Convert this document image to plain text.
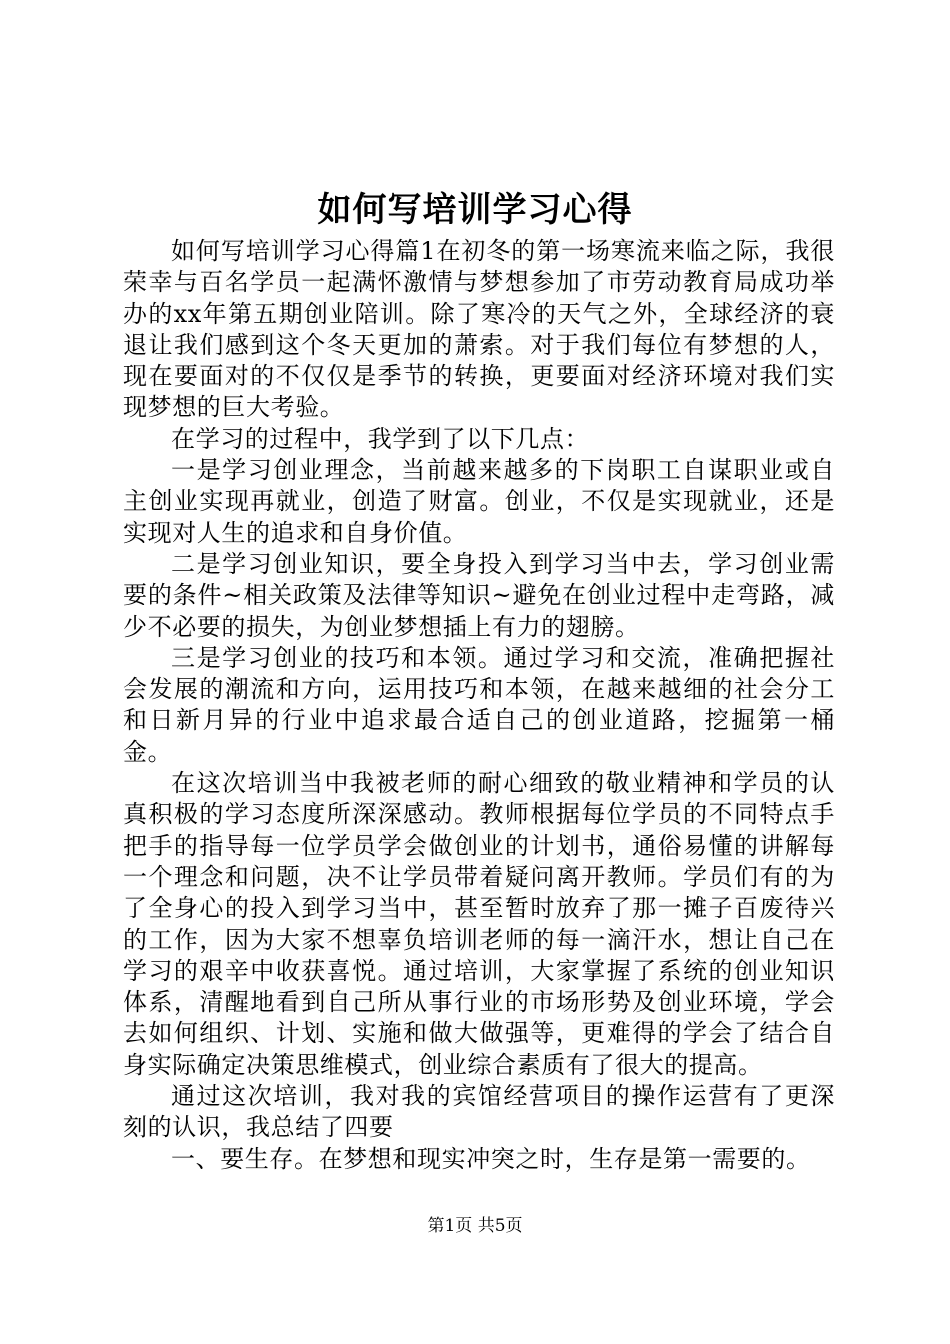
如何写培训学习心得

如何写培训学习心得篇1在初冬的第一场寒流来临之际，我很荣幸与百名学员一起满怀激情与梦想参加了市劳动教育局成功举办的xx年第五期创业陪训。除了寒冷的天气之外，全球经济的衰退让我们感到这个冬天更加的萧索。对于我们每位有梦想的人，现在要面对的不仅仅是季节的转换，更要面对经济环境对我们实现梦想的巨大考验。

在学习的过程中，我学到了以下几点：

一是学习创业理念，当前越来越多的下岗职工自谋职业或自主创业实现再就业，创造了财富。创业，不仅是实现就业，还是实现对人生的追求和自身价值。

二是学习创业知识，要全身投入到学习当中去，学习创业需要的条件~相关政策及法律等知识~避免在创业过程中走弯路，减少不必要的损失，为创业梦想插上有力的翅膀。

三是学习创业的技巧和本领。通过学习和交流，准确把握社会发展的潮流和方向，运用技巧和本领，在越来越细的社会分工和日新月异的行业中追求最合适自己的创业道路，挖掘第一桶金。

在这次培训当中我被老师的耐心细致的敬业精神和学员的认真积极的学习态度所深深感动。教师根据每位学员的不同特点手把手的指导每一位学员学会做创业的计划书，通俗易懂的讲解每一个理念和问题，决不让学员带着疑问离开教师。学员们有的为了全身心的投入到学习当中，甚至暂时放弃了那一摊子百废待兴的工作，因为大家不想辜负培训老师的每一滴汗水，想让自己在学习的艰辛中收获喜悦。通过培训，大家掌握了系统的创业知识体系，清醒地看到自己所从事行业的市场形势及创业环境，学会去如何组织、计划、实施和做大做强等，更难得的学会了结合自身实际确定决策思维模式，创业综合素质有了很大的提高。

通过这次培训，我对我的宾馆经营项目的操作运营有了更深刻的认识，我总结了四要

一、要生存。在梦想和现实冲突之时，生存是第一需要的。

第1页 共5页
